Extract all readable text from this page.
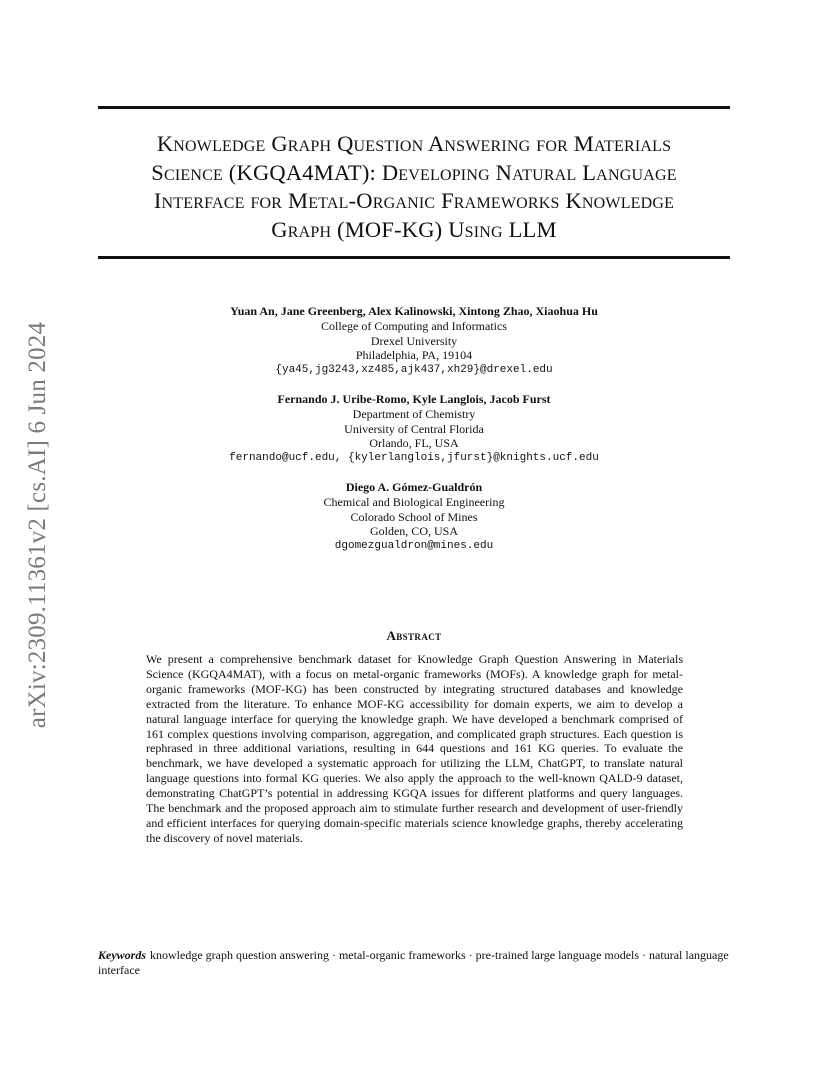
arXiv:2309.11361v2 [cs.AI] 6 Jun 2024
Knowledge Graph Question Answering for Materials
Science (KGQA4MAT): Developing Natural Language
Interface for Metal-Organic Frameworks Knowledge
Graph (MOF-KG) Using LLM
Yuan An, Jane Greenberg, Alex Kalinowski, Xintong Zhao, Xiaohua Hu
College of Computing and Informatics
Drexel University
Philadelphia, PA, 19104
{ya45,jg3243,xz485,ajk437,xh29}@drexel.edu
Fernando J. Uribe-Romo, Kyle Langlois, Jacob Furst
Department of Chemistry
University of Central Florida
Orlando, FL, USA
fernando@ucf.edu, {kylerlanglois,jfurst}@knights.ucf.edu
Diego A. Gómez-Gualdrón
Chemical and Biological Engineering
Colorado School of Mines
Golden, CO, USA
dgomezgualdron@mines.edu
Abstract
We present a comprehensive benchmark dataset for Knowledge Graph Question Answering in Materials Science (KGQA4MAT), with a focus on metal-organic frameworks (MOFs). A knowledge graph for metal-organic frameworks (MOF-KG) has been constructed by integrating structured databases and knowledge extracted from the literature. To enhance MOF-KG accessibility for domain experts, we aim to develop a natural language interface for querying the knowledge graph. We have developed a benchmark comprised of 161 complex questions involving comparison, aggregation, and complicated graph structures. Each question is rephrased in three additional variations, resulting in 644 questions and 161 KG queries. To evaluate the benchmark, we have developed a systematic approach for utilizing the LLM, ChatGPT, to translate natural language questions into formal KG queries. We also apply the approach to the well-known QALD-9 dataset, demonstrating ChatGPT’s potential in addressing KGQA issues for different platforms and query languages. The benchmark and the proposed approach aim to stimulate further research and development of user-friendly and efficient interfaces for querying domain-specific materials science knowledge graphs, thereby accelerating the discovery of novel materials.
Keywords knowledge graph question answering · metal-organic frameworks · pre-trained large language models · natural language interface
